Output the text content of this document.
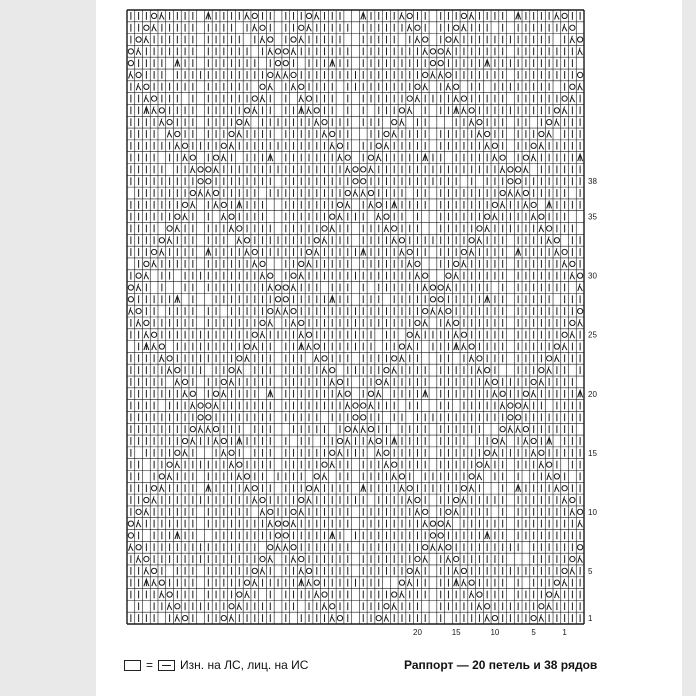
1
5
10
15
20
25
30
35
38
20	15	10	5	1
= Изн. на ЛС, лиц. на ИС	Раппорт — 20 петель и 38 рядов
